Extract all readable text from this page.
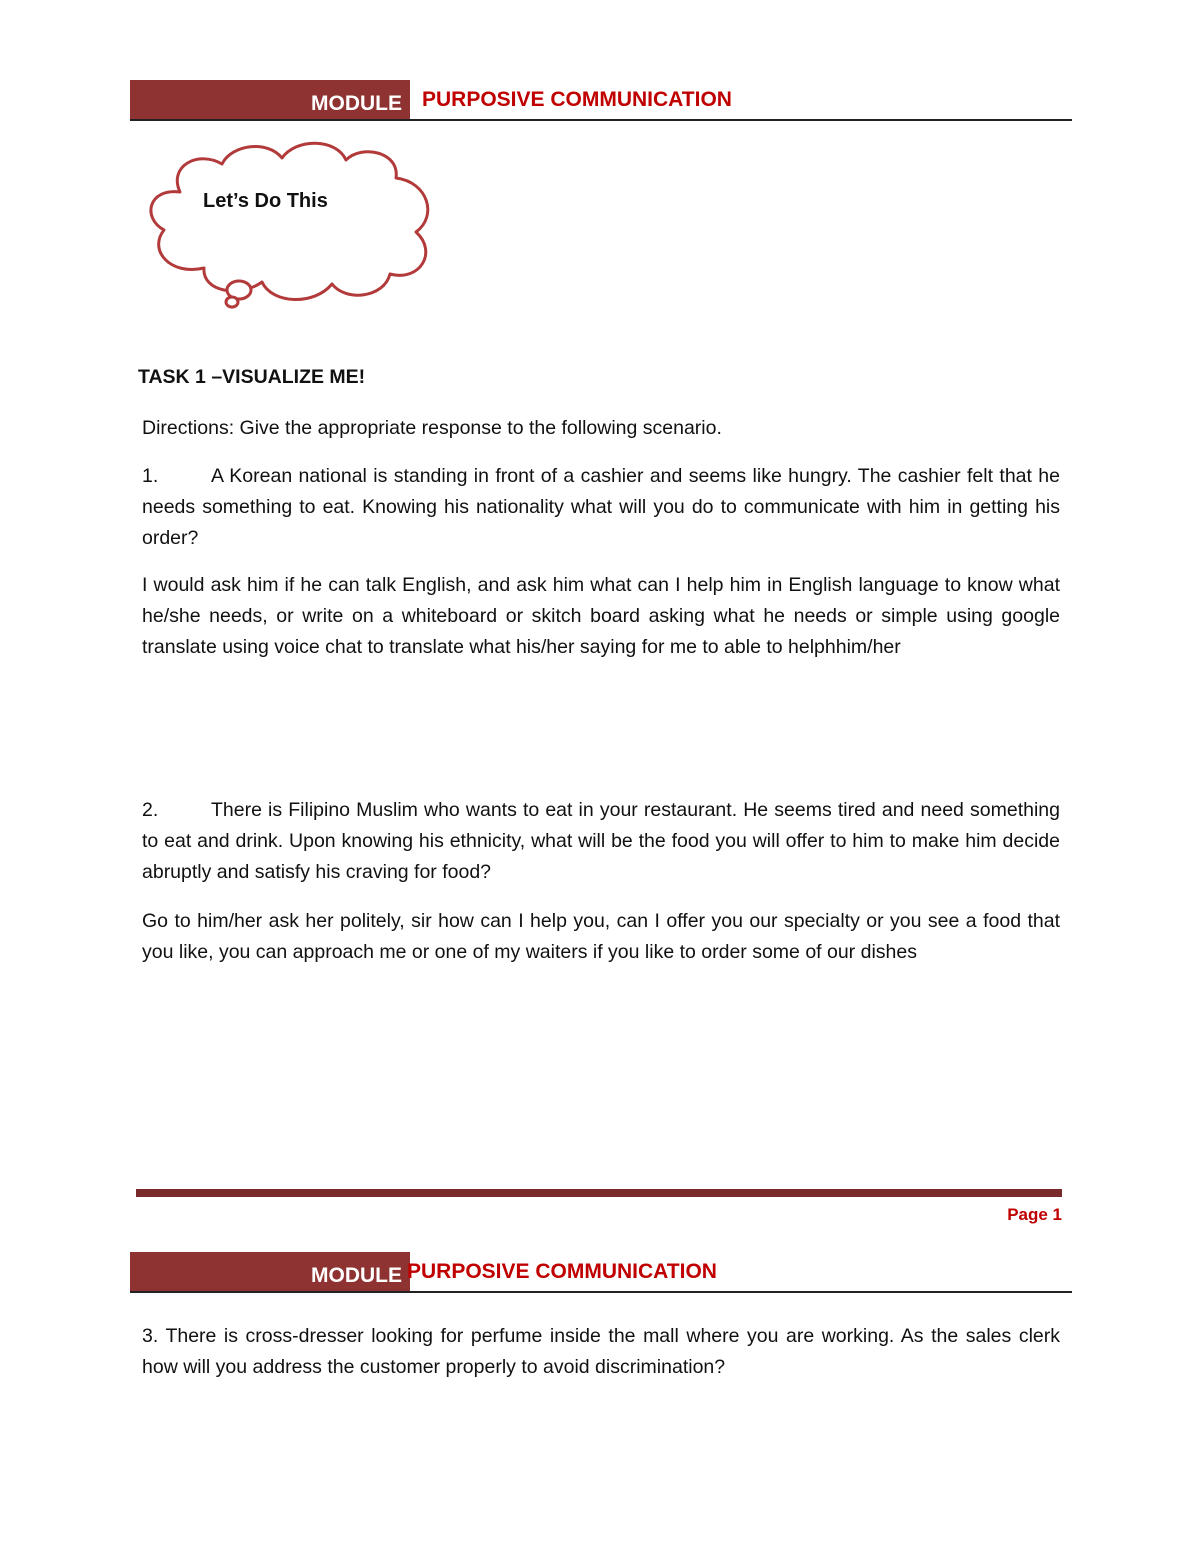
MODULE PURPOSIVE COMMUNICATION
Let’s Do This
TASK 1 –VISUALIZE ME!
Directions: Give the appropriate response to the following scenario.

1.	A Korean national is standing in front of a cashier and seems like hungry. The cashier felt that he needs something to eat. Knowing his nationality what will you do to communicate with him in getting his order?

I would ask him if he can talk English, and ask him what can I help him in English language to know what he/she needs, or write on a whiteboard or skitch board asking what he needs or simple using google translate using voice chat to translate what his/her saying for me to able to helphhim/her

2.	There is Filipino Muslim who wants to eat in your restaurant. He seems tired and need something to eat and drink. Upon knowing his ethnicity, what will be the food you will offer to him to make him decide abruptly and satisfy his craving for food?

Go to him/her ask her politely, sir how can I help you, can I offer you our specialty or you see a food that you like, you can approach me or one of my waiters if you like to order some of our dishes

Page 1
MODULE PURPOSIVE COMMUNICATION

3. There is cross-dresser looking for perfume inside the mall where you are working. As the sales clerk how will you address the customer properly to avoid discrimination?
